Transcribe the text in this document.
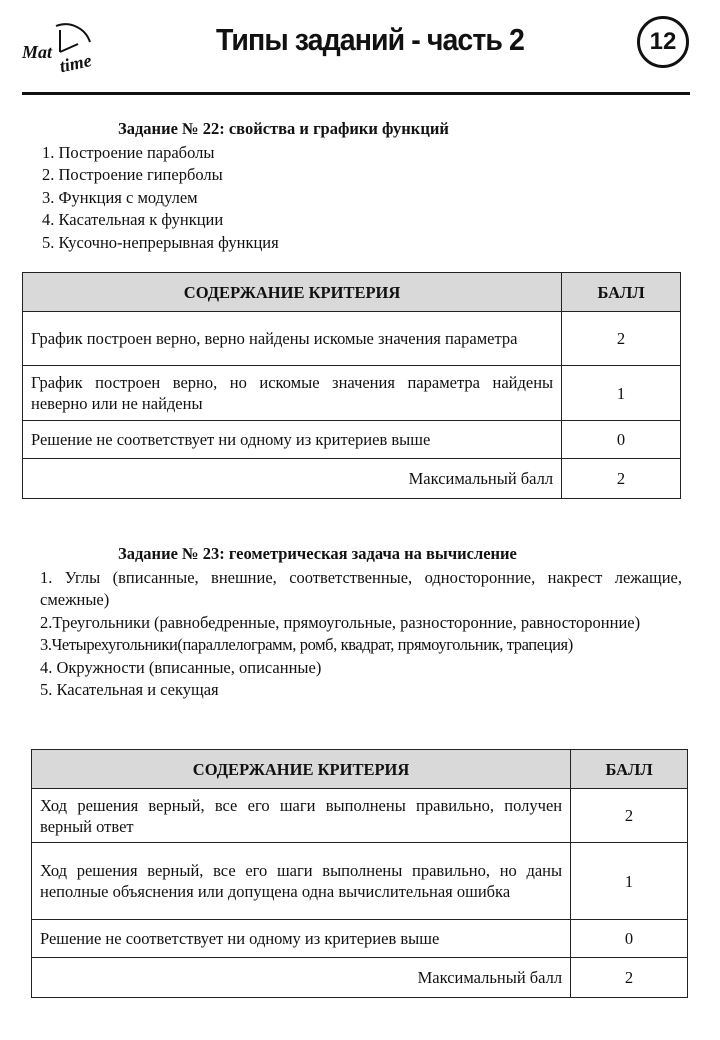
Mat time
Типы заданий - часть 2	12
Задание № 22: свойства и графики функций
1. Построение параболы
2. Построение гиперболы
3. Функция с модулем
4. Касательная к функции
5. Кусочно-непрерывная функция
СОДЕРЖАНИЕ КРИТЕРИЯ	БАЛЛ
График построен верно, верно найдены искомые значения параметра	2
График построен верно, но искомые значения параметра найдены неверно или не найдены	1
Решение не соответствует ни одному из критериев выше	0
Максимальный балл	2
Задание № 23: геометрическая задача на вычисление
1. Углы (вписанные, внешние, соответственные, односторонние, накрест лежащие, смежные)
2.Треугольники (равнобедренные, прямоугольные, разносторонние, равносторонние)
3.Четырехугольники(параллелограмм, ромб, квадрат, прямоугольник, трапеция)
4. Окружности (вписанные, описанные)
5. Касательная и секущая
СОДЕРЖАНИЕ КРИТЕРИЯ	БАЛЛ
Ход решения верный, все его шаги выполнены правильно, получен верный ответ	2
Ход решения верный, все его шаги выполнены правильно, но даны неполные объяснения или допущена одна вычислительная ошибка	1
Решение не соответствует ни одному из критериев выше	0
Максимальный балл	2
